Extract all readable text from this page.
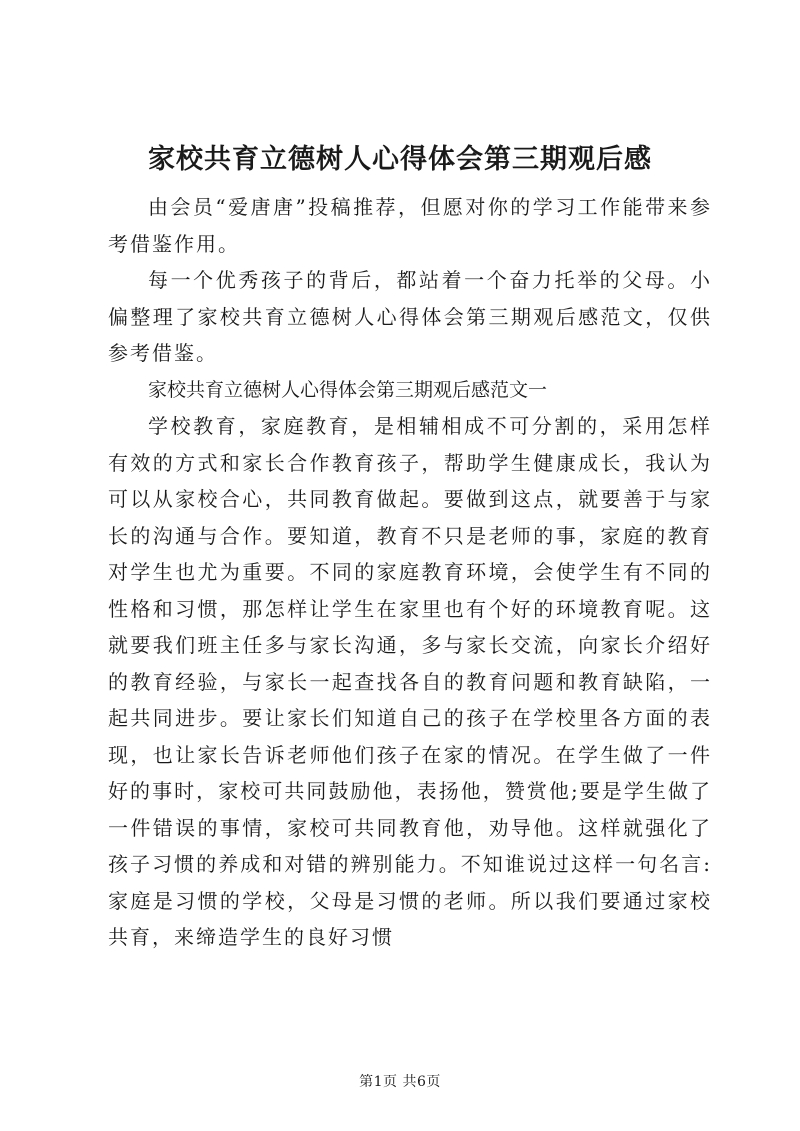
家校共育立德树人心得体会第三期观后感

由会员“爱唐唐”投稿推荐，但愿对你的学习工作能带来参考借鉴作用。

每一个优秀孩子的背后，都站着一个奋力托举的父母。小偏整理了家校共育立德树人心得体会第三期观后感范文，仅供参考借鉴。

家校共育立德树人心得体会第三期观后感范文一

学校教育，家庭教育，是相辅相成不可分割的，采用怎样有效的方式和家长合作教育孩子，帮助学生健康成长，我认为可以从家校合心，共同教育做起。要做到这点，就要善于与家长的沟通与合作。要知道，教育不只是老师的事，家庭的教育对学生也尤为重要。不同的家庭教育环境，会使学生有不同的性格和习惯，那怎样让学生在家里也有个好的环境教育呢。这就要我们班主任多与家长沟通，多与家长交流，向家长介绍好的教育经验，与家长一起查找各自的教育问题和教育缺陷，一起共同进步。要让家长们知道自己的孩子在学校里各方面的表现，也让家长告诉老师他们孩子在家的情况。在学生做了一件好的事时，家校可共同鼓励他，表扬他，赞赏他;要是学生做了一件错误的事情，家校可共同教育他，劝导他。这样就强化了孩子习惯的养成和对错的辨别能力。不知谁说过这样一句名言:家庭是习惯的学校，父母是习惯的老师。所以我们要通过家校共育，来缔造学生的良好习惯

第1页 共6页
